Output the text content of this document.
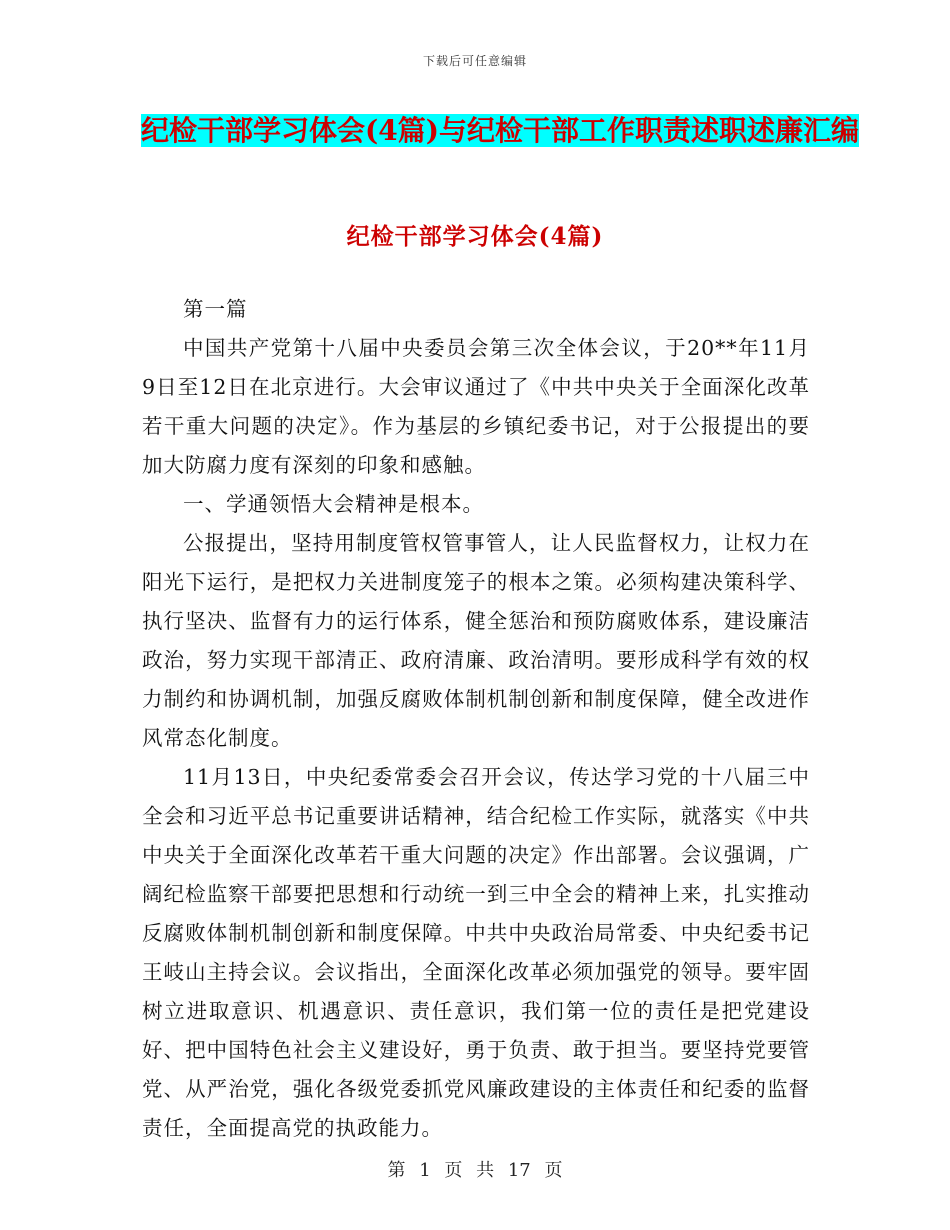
下载后可任意编辑
纪检干部学习体会(4篇)与纪检干部工作职责述职述廉汇编
纪检干部学习体会(4篇)

第一篇

中国共产党第十八届中央委员会第三次全体会议，于20**年11月9日至12日在北京进行。大会审议通过了《中共中央关于全面深化改革若干重大问题的决定》。作为基层的乡镇纪委书记，对于公报提出的要加大防腐力度有深刻的印象和感触。

一、学通领悟大会精神是根本。

公报提出，坚持用制度管权管事管人，让人民监督权力，让权力在阳光下运行，是把权力关进制度笼子的根本之策。必须构建决策科学、执行坚决、监督有力的运行体系，健全惩治和预防腐败体系，建设廉洁政治，努力实现干部清正、政府清廉、政治清明。要形成科学有效的权力制约和协调机制，加强反腐败体制机制创新和制度保障，健全改进作风常态化制度。

11月13日，中央纪委常委会召开会议，传达学习党的十八届三中全会和习近平总书记重要讲话精神，结合纪检工作实际，就落实《中共中央关于全面深化改革若干重大问题的决定》作出部署。会议强调，广阔纪检监察干部要把思想和行动统一到三中全会的精神上来，扎实推动反腐败体制机制创新和制度保障。中共中央政治局常委、中央纪委书记王岐山主持会议。会议指出，全面深化改革必须加强党的领导。要牢固树立进取意识、机遇意识、责任意识，我们第一位的责任是把党建设好、把中国特色社会主义建设好，勇于负责、敢于担当。要坚持党要管党、从严治党，强化各级党委抓党风廉政建设的主体责任和纪委的监督责任，全面提高党的执政能力。

第 1 页 共 17 页
